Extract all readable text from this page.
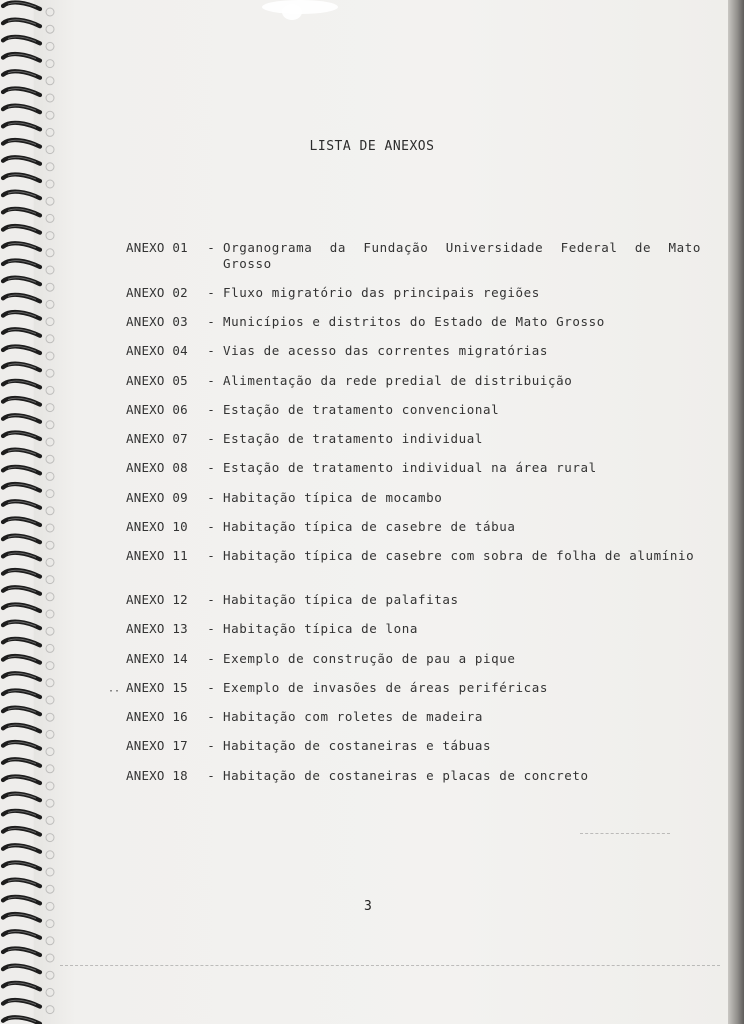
LISTA DE ANEXOS
ANEXO 01	- Organograma da Fundação Universidade Federal de Mato Grosso
ANEXO 02	- Fluxo migratório das principais regiões
ANEXO 03	- Municípios e distritos do Estado de Mato Grosso
ANEXO 04	- Vias de acesso das correntes migratórias
ANEXO 05	- Alimentação da rede predial de distribuição
ANEXO 06	- Estação de tratamento convencional
ANEXO 07	- Estação de tratamento individual
ANEXO 08	- Estação de tratamento individual na área rural
ANEXO 09	- Habitação típica de mocambo
ANEXO 10	- Habitação típica de casebre de tábua
ANEXO 11	- Habitação típica de casebre com sobra de folha de alumínio
ANEXO 12	- Habitação típica de palafitas
ANEXO 13	- Habitação típica de lona
ANEXO 14	- Exemplo de construção de pau a pique
ANEXO 15	- Exemplo de invasões de áreas periféricas
ANEXO 16	- Habitação com roletes de madeira
ANEXO 17	- Habitação de costaneiras e tábuas
ANEXO 18	- Habitação de costaneiras e placas de concreto
··
3
